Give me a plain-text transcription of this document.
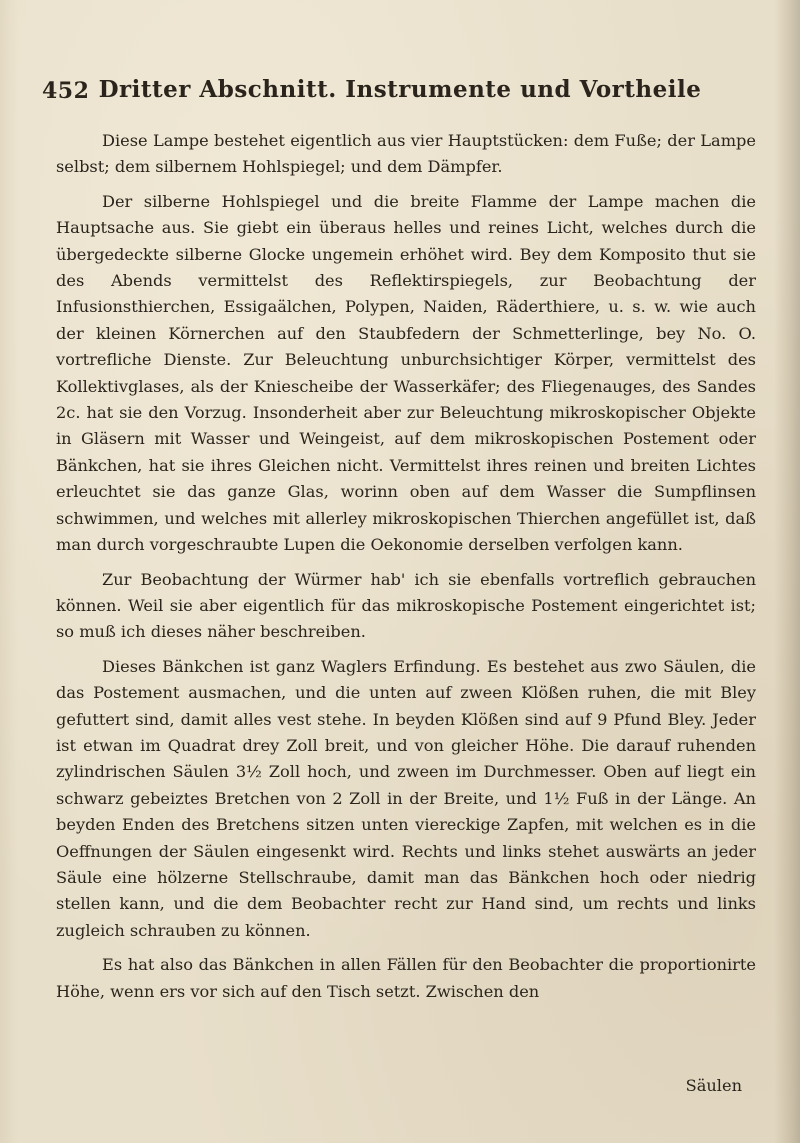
452 Dritter Abschnitt. Instrumente und Vortheile

Diese Lampe bestehet eigentlich aus vier Hauptstücken: dem Fuße; der Lampe selbst; dem silbernem Hohlspiegel; und dem Dämpfer.

Der silberne Hohlspiegel und die breite Flamme der Lampe machen die Hauptsache aus. Sie giebt ein überaus helles und reines Licht, welches durch die übergedeckte silberne Glocke ungemein erhöhet wird. Bey dem Komposito thut sie des Abends vermittelst des Reflektirspiegels, zur Beobachtung der Infusionsthierchen, Essigaälchen, Polypen, Naiden, Räderthiere, u. s. w. wie auch der kleinen Körnerchen auf den Staubfedern der Schmetterlinge, bey No. O. vortrefliche Dienste. Zur Beleuchtung unburchsichtiger Körper, vermittelst des Kollektivglases, als der Kniescheibe der Wasserkäfer; des Fliegenauges, des Sandes 2c. hat sie den Vorzug. Insonderheit aber zur Beleuchtung mikroskopischer Objekte in Gläsern mit Wasser und Weingeist, auf dem mikroskopischen Postement oder Bänkchen, hat sie ihres Gleichen nicht. Vermittelst ihres reinen und breiten Lichtes erleuchtet sie das ganze Glas, worinn oben auf dem Wasser die Sumpflinsen schwimmen, und welches mit allerley mikroskopischen Thierchen angefüllet ist, daß man durch vorgeschraubte Lupen die Oekonomie derselben verfolgen kann.

Zur Beobachtung der Würmer hab' ich sie ebenfalls vortreflich gebrauchen können. Weil sie aber eigentlich für das mikroskopische Postement eingerichtet ist; so muß ich dieses näher beschreiben.

Dieses Bänkchen ist ganz Waglers Erfindung. Es bestehet aus zwo Säulen, die das Postement ausmachen, und die unten auf zween Klößen ruhen, die mit Bley gefuttert sind, damit alles vest stehe. In beyden Klößen sind auf 9 Pfund Bley. Jeder ist etwan im Quadrat drey Zoll breit, und von gleicher Höhe. Die darauf ruhenden zylindrischen Säulen 3½ Zoll hoch, und zween im Durchmesser. Oben auf liegt ein schwarz gebeiztes Bretchen von 2 Zoll in der Breite, und 1½ Fuß in der Länge. An beyden Enden des Bretchens sitzen unten viereckige Zapfen, mit welchen es in die Oeffnungen der Säulen eingesenkt wird. Rechts und links stehet auswärts an jeder Säule eine hölzerne Stellschraube, damit man das Bänkchen hoch oder niedrig stellen kann, und die dem Beobachter recht zur Hand sind, um rechts und links zugleich schrauben zu können.

Es hat also das Bänkchen in allen Fällen für den Beobachter die proportionirte Höhe, wenn ers vor sich auf den Tisch setzt. Zwischen den

Säulen
